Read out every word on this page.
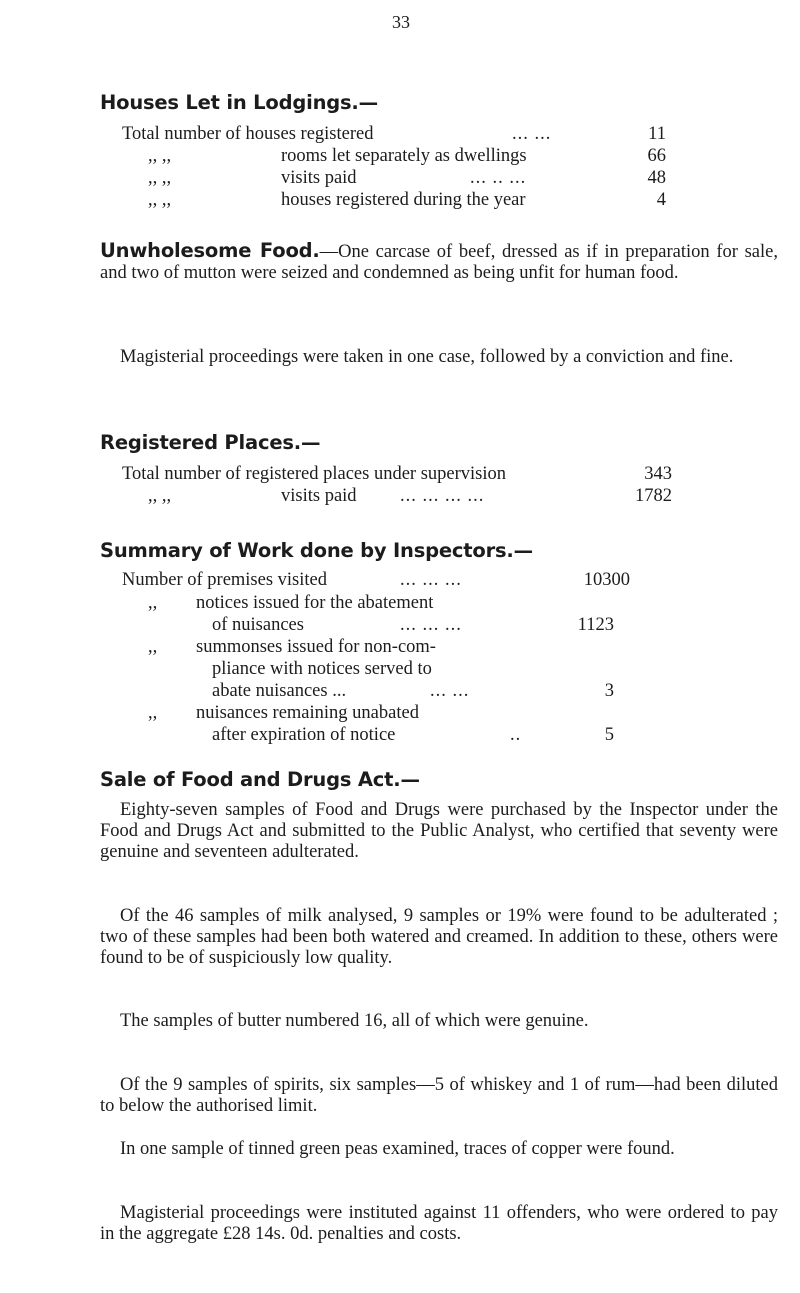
33
Houses Let in Lodgings.—
Total number of houses registered	... ...	11
,, ,,	rooms let separately as dwellings	66
,, ,,	visits paid	... .. ...	48
,, ,,	houses registered during the year	4
Unwholesome Food.—One carcase of beef, dressed as if in preparation for sale, and two of mutton were seized and condemned as being unfit for human food.
Magisterial proceedings were taken in one case, followed by a conviction and fine.
Registered Places.—
Total number of registered places under supervision	343
,, ,,	visits paid ... ... ... ...	1782
Summary of Work done by Inspectors.—
Number of premises visited	... ... ...	10300
,, notices issued for the abatement
of nuisances	... ... ...	1123
,, summonses issued for non-com-
pliance with notices served to
abate nuisances ...	... ...	3
,, nuisances remaining unabated
after expiration of notice	..	5
Sale of Food and Drugs Act.—
Eighty-seven samples of Food and Drugs were purchased by the Inspector under the Food and Drugs Act and submitted to the Public Analyst, who certified that seventy were genuine and seventeen adulterated.
Of the 46 samples of milk analysed, 9 samples or 19% were found to be adulterated ; two of these samples had been both watered and creamed. In addition to these, others were found to be of suspiciously low quality.
The samples of butter numbered 16, all of which were genuine.
Of the 9 samples of spirits, six samples—5 of whiskey and 1 of rum—had been diluted to below the authorised limit.
In one sample of tinned green peas examined, traces of copper were found.
Magisterial proceedings were instituted against 11 offenders, who were ordered to pay in the aggregate £28 14s. 0d. penalties and costs.
